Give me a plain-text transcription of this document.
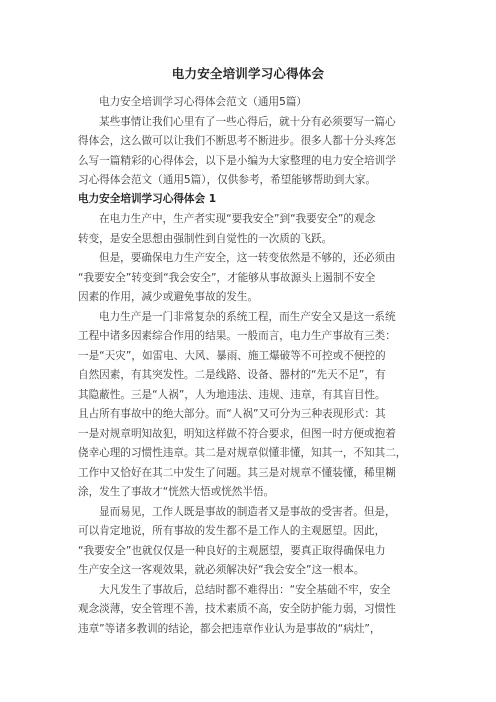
电力安全培训学习心得体会
电力安全培训学习心得体会范文（通用5篇）
某些事情让我们心里有了一些心得后，就十分有必须要写一篇心
得体会，这么做可以让我们不断思考不断进步。很多人都十分头疼怎
么写一篇精彩的心得体会，以下是小编为大家整理的电力安全培训学
习心得体会范文（通用5篇），仅供参考，希望能够帮助到大家。
电力安全培训学习心得体会 1
在电力生产中，生产者实现“要我安全”到“我要安全”的观念
转变，是安全思想由强制性到自觉性的一次质的飞跃。
但是，要确保电力生产安全，这一转变依然是不够的，还必须由
“我要安全”转变到“我会安全”，才能够从事故源头上遏制不安全
因素的作用，减少或避免事故的发生。
电力生产是一门非常复杂的系统工程，而生产安全又是这一系统
工程中诸多因素综合作用的结果。一般而言，电力生产事故有三类：
一是“天灾”，如雷电、大风、暴雨、施工爆破等不可控或不便控的
自然因素，有其突发性。二是线路、设备、器材的“先天不足”，有
其隐蔽性。三是“人祸”，人为地违法、违规、违章，有其盲目性。
且占所有事故中的绝大部分。而“人祸”又可分为三种表现形式：其
一是对规章明知故犯，明知这样做不符合要求，但图一时方便或抱着
侥幸心理的习惯性违章。其二是对规章似懂非懂，知其一，不知其二，
工作中又恰好在其二中发生了问题。其三是对规章不懂装懂，稀里糊
涂，发生了事故才“恍然大悟或恍然半悟。
显而易见，工作人既是事故的制造者又是事故的受害者。但是，
可以肯定地说，所有事故的发生都不是工作人的主观愿望。因此，
“我要安全”也就仅仅是一种良好的主观愿望，要真正取得确保电力
生产安全这一客观效果，就必须解决好“我会安全”这一根本。
大凡发生了事故后，总结时都不难得出：“安全基础不牢，安全
观念淡薄，安全管理不善，技术素质不高，安全防护能力弱，习惯性
违章”等诸多教训的结论，都会把违章作业认为是事故的“病灶”，
